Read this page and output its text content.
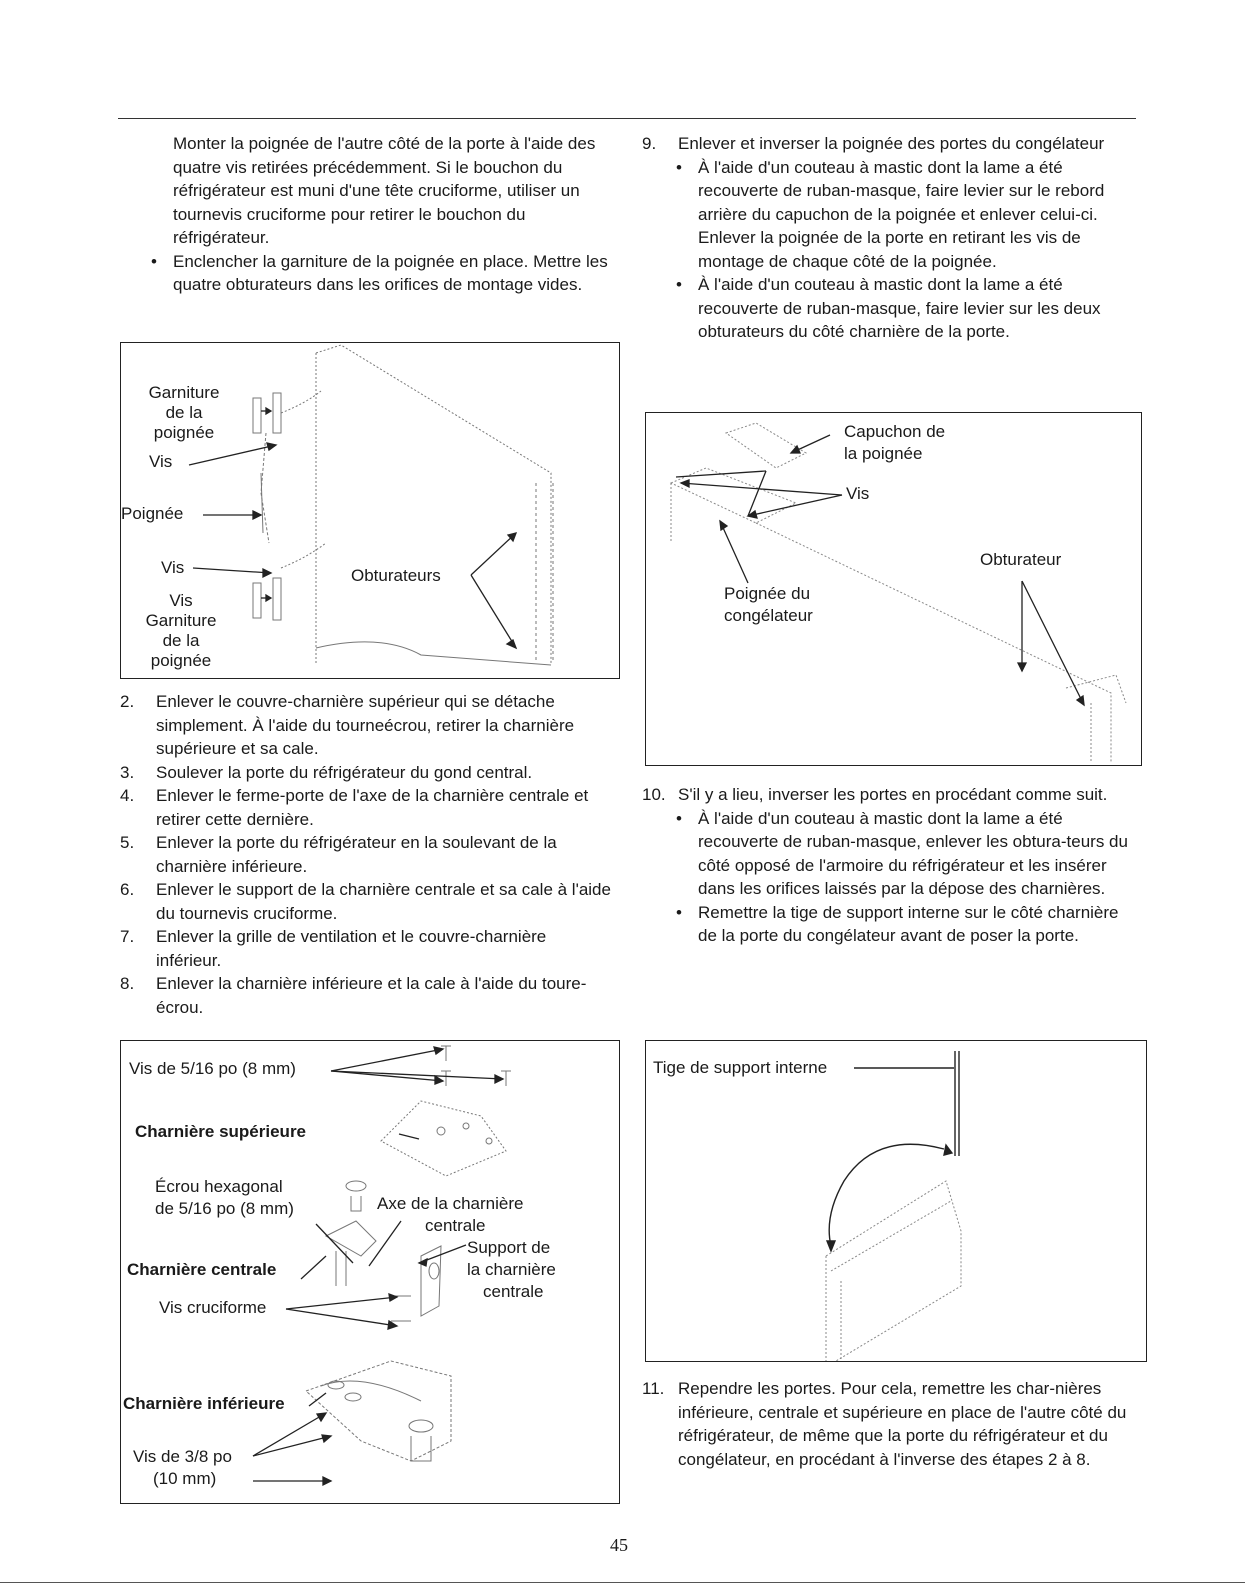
Monter la poignée de l'autre côté de la porte à l'aide des quatre vis retirées précédemment. Si le bouchon du réfrigérateur est muni d'une tête cruciforme, utiliser un tournevis cruciforme pour retirer le bouchon du réfrigérateur.

• Enclencher la garniture de la poignée en place. Mettre les quatre obturateurs dans les orifices de montage vides.

Garniture
de la
poignée
Vis
Poignée
Vis	Obturateurs
Vis
Garniture
de la
poignée

2. Enlever le couvre-charnière supérieur qui se détache simplement. À l'aide du tourneécrou, retirer la charnière supérieure et sa cale.

3. Soulever la porte du réfrigérateur du gond central.

4. Enlever le ferme-porte de l'axe de la charnière centrale et retirer cette dernière.

5. Enlever la porte du réfrigérateur en la soulevant de la charnière inférieure.

6. Enlever le support de la charnière centrale et sa cale à l'aide du tournevis cruciforme.

7. Enlever la grille de ventilation et le couvre-charnière inférieur.

8. Enlever la charnière inférieure et la cale à l'aide du toure-écrou.

Vis de 5/16 po (8 mm)
Charnière supérieure
Écrou hexagonal
de 5/16 po (8 mm)	Axe de la charnière
centrale
Support de
la charnière
centrale
Charnière centrale
Vis cruciforme
Charnière inférieure
Vis de 3/8 po
(10 mm)

9. Enlever et inverser la poignée des portes du congélateur

• À l'aide d'un couteau à mastic dont la lame a été recouverte de ruban-masque, faire levier sur le rebord arrière du capuchon de la poignée et enlever celui-ci. Enlever la poignée de la porte en retirant les vis de montage de chaque côté de la poignée.

• À l'aide d'un couteau à mastic dont la lame a été recouverte de ruban-masque, faire levier sur les deux obturateurs du côté charnière de la porte.

Capuchon de
la poignée
Vis
Obturateur
Poignée du
congélateur

10. S'il y a lieu, inverser les portes en procédant comme suit.

• À l'aide d'un couteau à mastic dont la lame a été recouverte de ruban-masque, enlever les obtura-teurs du côté opposé de l'armoire du réfrigérateur et les insérer dans les orifices laissés par la dépose des charnières.

• Remettre la tige de support interne sur le côté charnière de la porte du congélateur avant de poser la porte.

Tige de support interne

11. Rependre les portes. Pour cela, remettre les char-nières inférieure, centrale et supérieure en place de l'autre côté du réfrigérateur, de même que la porte du réfrigérateur et du congélateur, en procédant à l'inverse des étapes 2 à 8.

45
